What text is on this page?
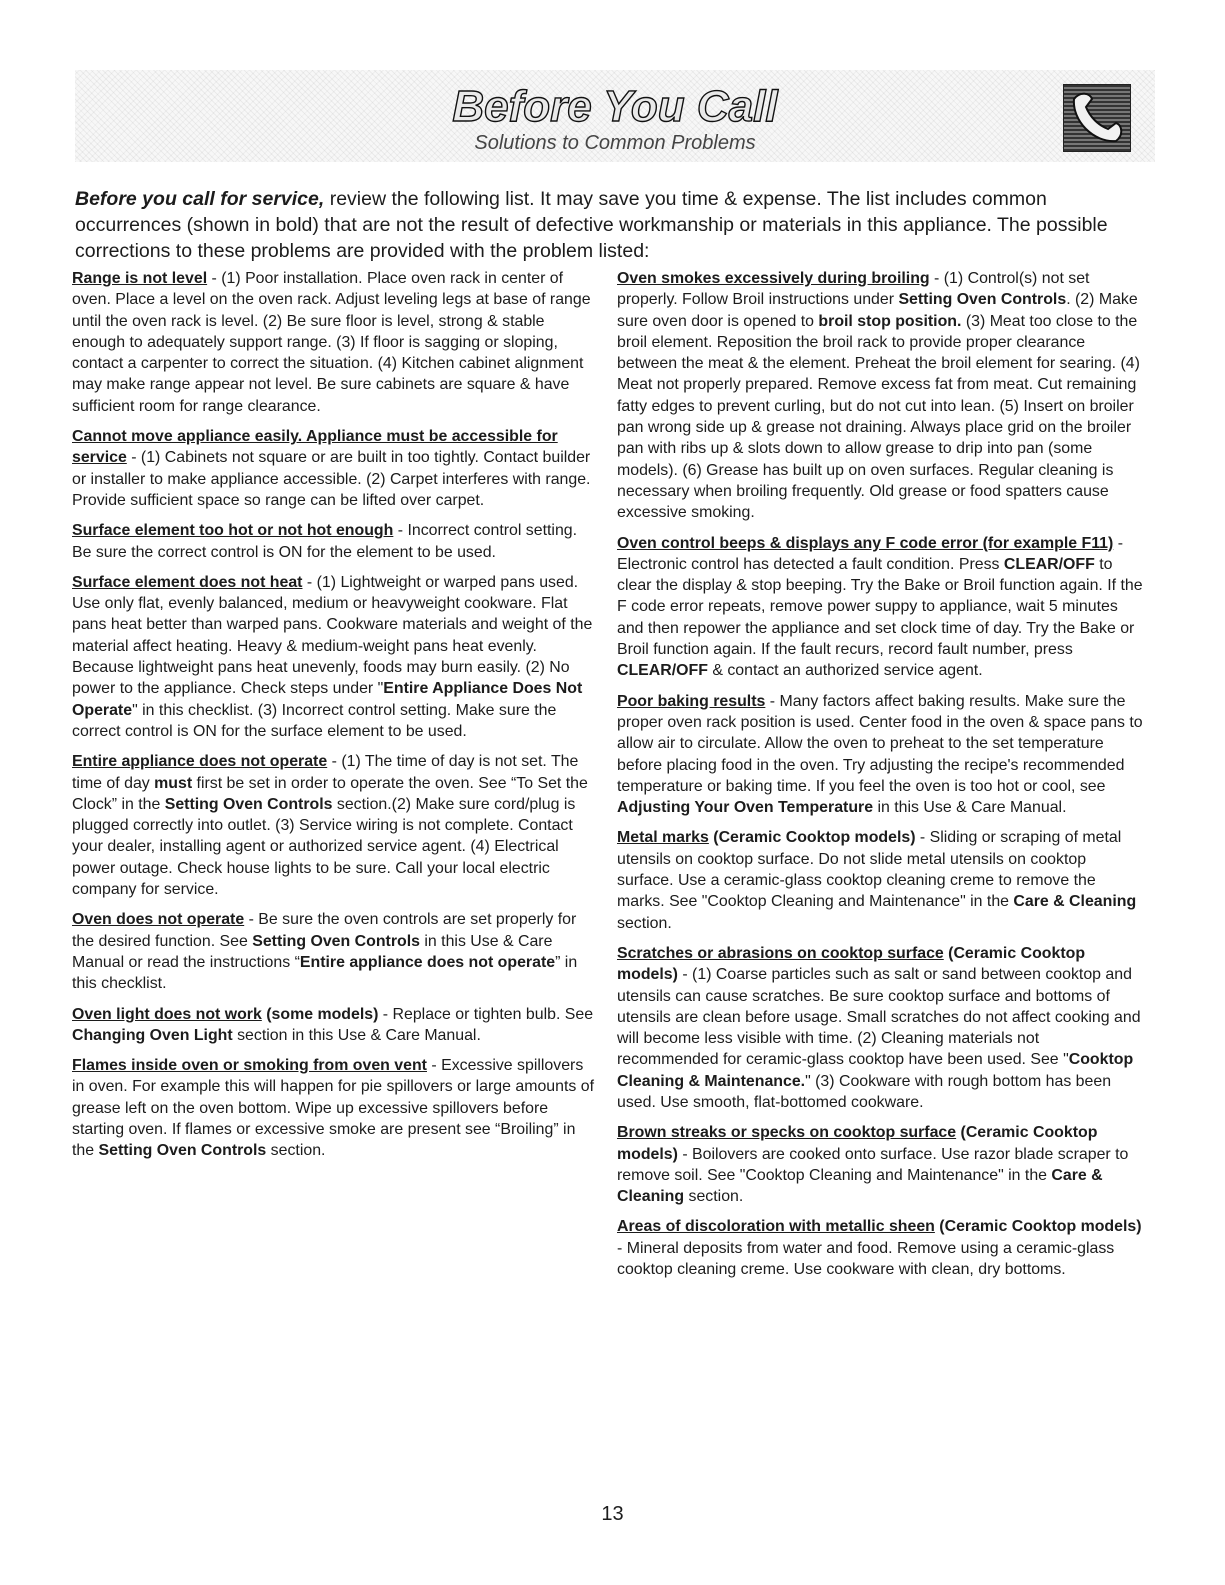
Before You Call
Solutions to Common Problems
Before you call for service, review the following list. It may save you time & expense. The list includes common occurrences (shown in bold) that are not the result of defective workmanship or materials in this appliance. The possible corrections to these problems are provided with the problem listed:

Range is not level - (1) Poor installation. Place oven rack in center of oven. Place a level on the oven rack. Adjust leveling legs at base of range until the oven rack is level. (2) Be sure floor is level, strong & stable enough to adequately support range. (3) If floor is sagging or sloping, contact a carpenter to correct the situation. (4) Kitchen cabinet alignment may make range appear not level. Be sure cabinets are square & have sufficient room for range clearance.

Cannot move appliance easily. Appliance must be accessible for service - (1) Cabinets not square or are built in too tightly. Contact builder or installer to make appliance accessible. (2) Carpet interferes with range. Provide sufficient space so range can be lifted over carpet.

Surface element too hot or not hot enough - Incorrect control setting. Be sure the correct control is ON for the element to be used.

Surface element does not heat - (1) Lightweight or warped pans used. Use only flat, evenly balanced, medium or heavyweight cookware. Flat pans heat better than warped pans. Cookware materials and weight of the material affect heating. Heavy & medium-weight pans heat evenly. Because lightweight pans heat unevenly, foods may burn easily. (2) No power to the appliance. Check steps under "Entire Appliance Does Not Operate" in this checklist. (3) Incorrect control setting. Make sure the correct control is ON for the surface element to be used.

Entire appliance does not operate - (1) The time of day is not set. The time of day must first be set in order to operate the oven. See “To Set the Clock” in the Setting Oven Controls section.(2) Make sure cord/plug is plugged correctly into outlet. (3) Service wiring is not complete. Contact your dealer, installing agent or authorized service agent. (4) Electrical power outage. Check house lights to be sure. Call your local electric company for service.

Oven does not operate - Be sure the oven controls are set properly for the desired function. See Setting Oven Controls in this Use & Care Manual or read the instructions “Entire appliance does not operate” in this checklist.

Oven light does not work (some models) - Replace or tighten bulb. See Changing Oven Light section in this Use & Care Manual.

Flames inside oven or smoking from oven vent - Excessive spillovers in oven. For example this will happen for pie spillovers or large amounts of grease left on the oven bottom. Wipe up excessive spillovers before starting oven. If flames or excessive smoke are present see “Broiling” in the Setting Oven Controls section.

Oven smokes excessively during broiling - (1) Control(s) not set properly. Follow Broil instructions under Setting Oven Controls. (2) Make sure oven door is opened to broil stop position. (3) Meat too close to the broil element. Reposition the broil rack to provide proper clearance between the meat & the element. Preheat the broil element for searing. (4) Meat not properly prepared. Remove excess fat from meat. Cut remaining fatty edges to prevent curling, but do not cut into lean. (5) Insert on broiler pan wrong side up & grease not draining. Always place grid on the broiler pan with ribs up & slots down to allow grease to drip into pan (some models). (6) Grease has built up on oven surfaces. Regular cleaning is necessary when broiling frequently. Old grease or food spatters cause excessive smoking.

Oven control beeps & displays any F code error (for example F11) - Electronic control has detected a fault condition. Press CLEAR/OFF to clear the display & stop beeping. Try the Bake or Broil function again. If the F code error repeats, remove power suppy to appliance, wait 5 minutes and then repower the appliance and set clock time of day. Try the Bake or Broil function again. If the fault recurs, record fault number, press CLEAR/OFF & contact an authorized service agent.

Poor baking results - Many factors affect baking results. Make sure the proper oven rack position is used. Center food in the oven & space pans to allow air to circulate. Allow the oven to preheat to the set temperature before placing food in the oven. Try adjusting the recipe's recommended temperature or baking time. If you feel the oven is too hot or cool, see Adjusting Your Oven Temperature in this Use & Care Manual.

Metal marks (Ceramic Cooktop models) - Sliding or scraping of metal utensils on cooktop surface. Do not slide metal utensils on cooktop surface. Use a ceramic-glass cooktop cleaning creme to remove the marks. See "Cooktop Cleaning and Maintenance" in the Care & Cleaning section.

Scratches or abrasions on cooktop surface (Ceramic Cooktop models) - (1) Coarse particles such as salt or sand between cooktop and utensils can cause scratches. Be sure cooktop surface and bottoms of utensils are clean before usage. Small scratches do not affect cooking and will become less visible with time. (2) Cleaning materials not recommended for ceramic-glass cooktop have been used. See "Cooktop Cleaning & Maintenance." (3) Cookware with rough bottom has been used. Use smooth, flat-bottomed cookware.

Brown streaks or specks on cooktop surface (Ceramic Cooktop models) - Boilovers are cooked onto surface. Use razor blade scraper to remove soil. See "Cooktop Cleaning and Maintenance" in the Care & Cleaning section.

Areas of discoloration with metallic sheen (Ceramic Cooktop models) - Mineral deposits from water and food. Remove using a ceramic-glass cooktop cleaning creme. Use cookware with clean, dry bottoms.

13
